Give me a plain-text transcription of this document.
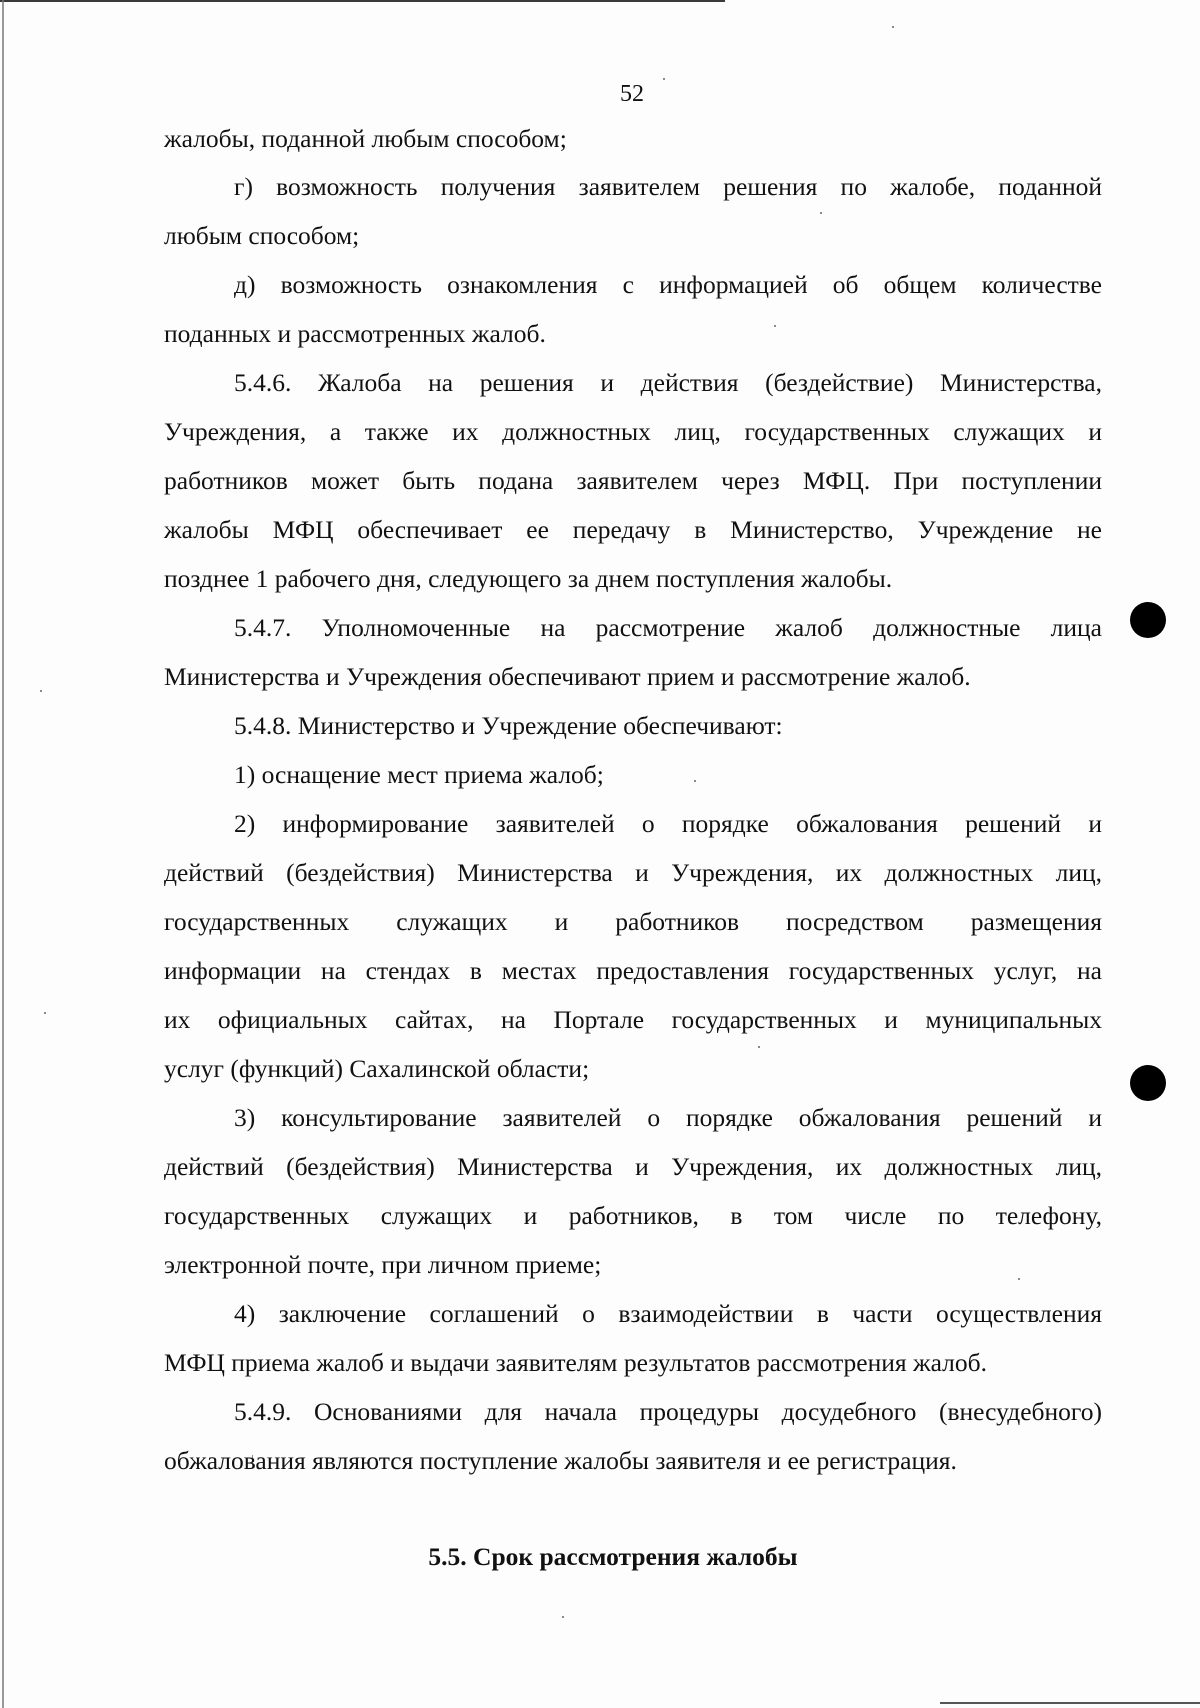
52
жалобы, поданной любым способом;
г) возможность получения заявителем решения по жалобе, поданной
любым способом;
д) возможность ознакомления с информацией об общем количестве
поданных и рассмотренных жалоб.
5.4.6. Жалоба на решения и действия (бездействие) Министерства,
Учреждения, а также их должностных лиц, государственных служащих и
работников может быть подана заявителем через МФЦ. При поступлении
жалобы МФЦ обеспечивает ее передачу в Министерство, Учреждение не
позднее 1 рабочего дня, следующего за днем поступления жалобы.
5.4.7. Уполномоченные на рассмотрение жалоб должностные лица
Министерства и Учреждения обеспечивают прием и рассмотрение жалоб.
5.4.8. Министерство и Учреждение обеспечивают:
1) оснащение мест приема жалоб;
2) информирование заявителей о порядке обжалования решений и
действий (бездействия) Министерства и Учреждения, их должностных лиц,
государственных служащих и работников посредством размещения
информации на стендах в местах предоставления государственных услуг, на
их официальных сайтах, на Портале государственных и муниципальных
услуг (функций) Сахалинской области;
3) консультирование заявителей о порядке обжалования решений и
действий (бездействия) Министерства и Учреждения, их должностных лиц,
государственных служащих и работников, в том числе по телефону,
электронной почте, при личном приеме;
4) заключение соглашений о взаимодействии в части осуществления
МФЦ приема жалоб и выдачи заявителям результатов рассмотрения жалоб.
5.4.9. Основаниями для начала процедуры досудебного (внесудебного)
обжалования являются поступление жалобы заявителя и ее регистрация.
5.5. Срок рассмотрения жалобы
